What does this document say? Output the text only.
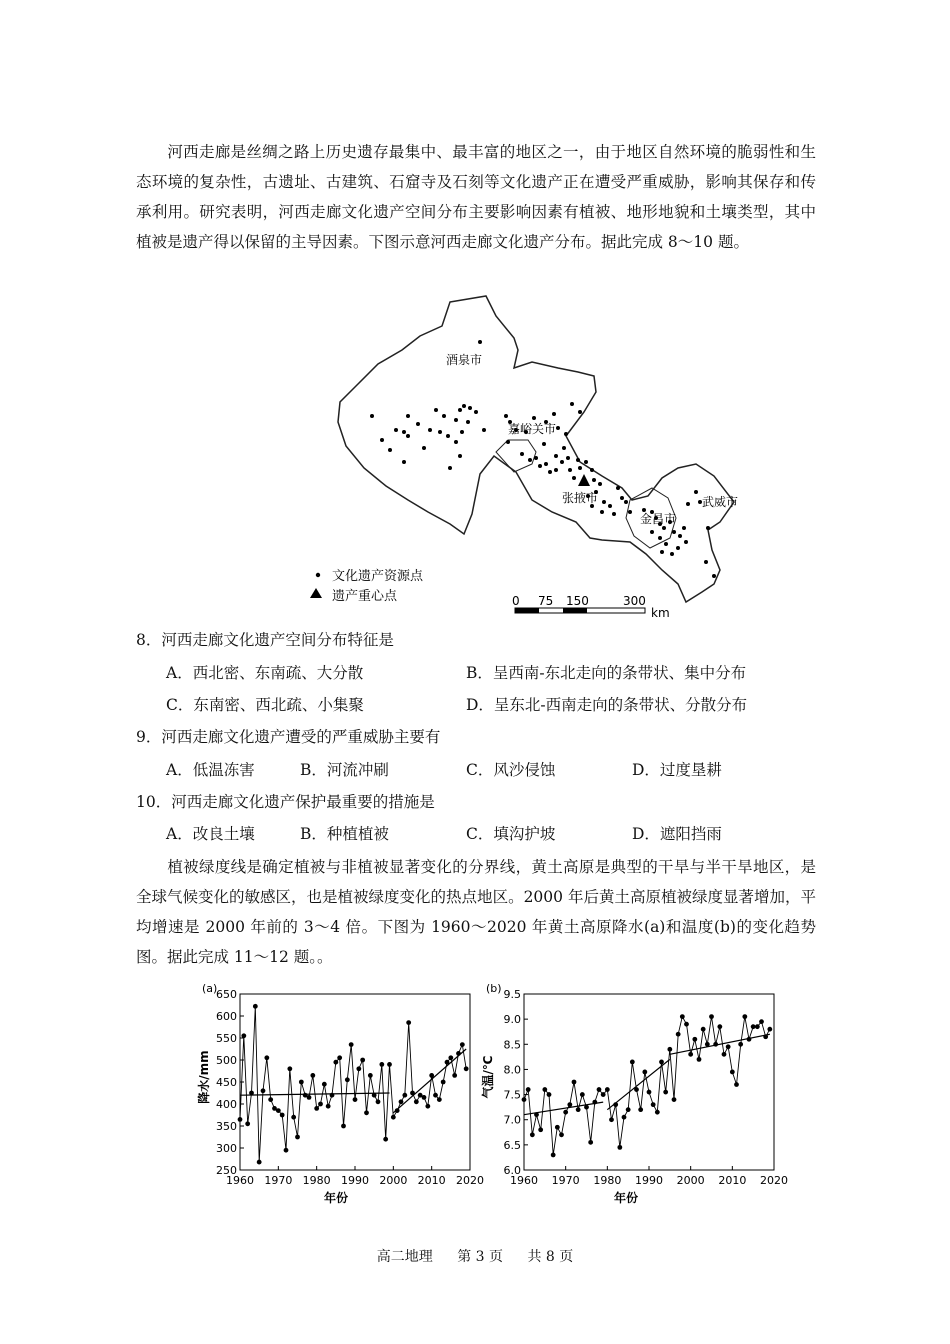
河西走廊是丝绸之路上历史遗存最集中、最丰富的地区之一，由于地区自然环境的脆弱性和生态环境的复杂性，古遗址、古建筑、石窟寺及石刻等文化遗产正在遭受严重威胁，影响其保存和传承利用。研究表明，河西走廊文化遗产空间分布主要影响因素有植被、地形地貌和土壤类型，其中植被是遗产得以保留的主导因素。下图示意河西走廊文化遗产分布。据此完成 8～10 题。

酒泉市
嘉峪关市
张掖市
金昌市
武威市
文化遗产资源点
遗产重心点	0 75 150	300
km

8．河西走廊文化遗产空间分布特征是

A．西北密、东南疏、大分散	B．呈西南-东北走向的条带状、集中分布
C．东南密、西北疏、小集聚	D．呈东北-西南走向的条带状、分散分布

9．河西走廊文化遗产遭受的严重威胁主要有

A．低温冻害	B．河流冲刷	C．风沙侵蚀	D．过度垦耕

10．河西走廊文化遗产保护最重要的措施是

A．改良土壤	B．种植植被	C．填沟护坡	D．遮阳挡雨

植被绿度线是确定植被与非植被显著变化的分界线，黄土高原是典型的干旱与半干旱地区，是全球气候变化的敏感区，也是植被绿度变化的热点地区。2000 年后黄土高原植被绿度显著增加，平均增速是 2000 年前的 3～4 倍。下图为 1960～2020 年黄土高原降水(a)和温度(b)的变化趋势图。据此完成 11～12 题。。

(a)
年份
降水/mm
1960 1970 1980 1990 2000 2010 2020
250
300
350
400
450
500
550
600
650	(b)
年份
气温/℃
1960 1970 1980 1990 2000 2010 2020
6.0
6.5
7.0
7.5
8.0
8.5
9.0
9.5
高二地理 第 3 页 共 8 页
